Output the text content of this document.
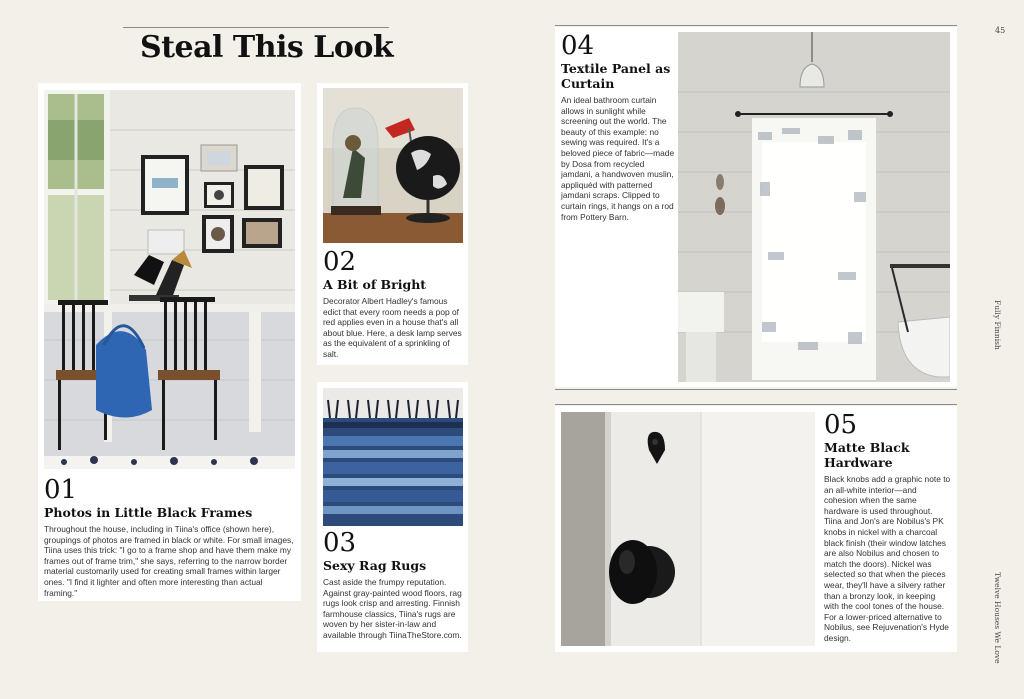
Steal This Look	45
Fully Finnish
Twelve Houses We Love

01

Photos in Little Black Frames

Throughout the house, including in Tiina's office (shown here), groupings of photos are framed in black or white. For small images, Tiina uses this trick: "I go to a frame shop and have them make my frames out of frame trim," she says, referring to the narrow border material customarily used for creating small frames within larger ones. "I find it lighter and often more interesting than actual framing."

02

A Bit of Bright

Decorator Albert Hadley's famous edict that every room needs a pop of red applies even in a house that's all about blue. Here, a desk lamp serves as the equivalent of a sprinkling of salt.

03

Sexy Rag Rugs

Cast aside the frumpy reputation. Against gray-painted wood floors, rag rugs look crisp and arresting. Finnish farmhouse classics, Tiina's rugs are woven by her sister-in-law and available through TiinaTheStore.com.

04

Textile Panel as Curtain

An ideal bathroom curtain allows in sunlight while screening out the world. The beauty of this example: no sewing was required. It's a beloved piece of fabric—made by Dosa from recycled jamdani, a handwoven muslin, appliquéd with patterned jamdani scraps. Clipped to curtain rings, it hangs on a rod from Pottery Barn.

05

Matte Black Hardware

Black knobs add a graphic note to an all-white interior—and cohesion when the same hardware is used throughout. Tiina and Jon's are Nobilus's PK knobs in nickel with a charcoal black finish (their window latches are also Nobilus and chosen to match the doors). Nickel was selected so that when the pieces wear, they'll have a silvery rather than a bronzy look, in keeping with the cool tones of the house. For a lower-priced alternative to Nobilus, see Rejuvenation's Hyde design.
